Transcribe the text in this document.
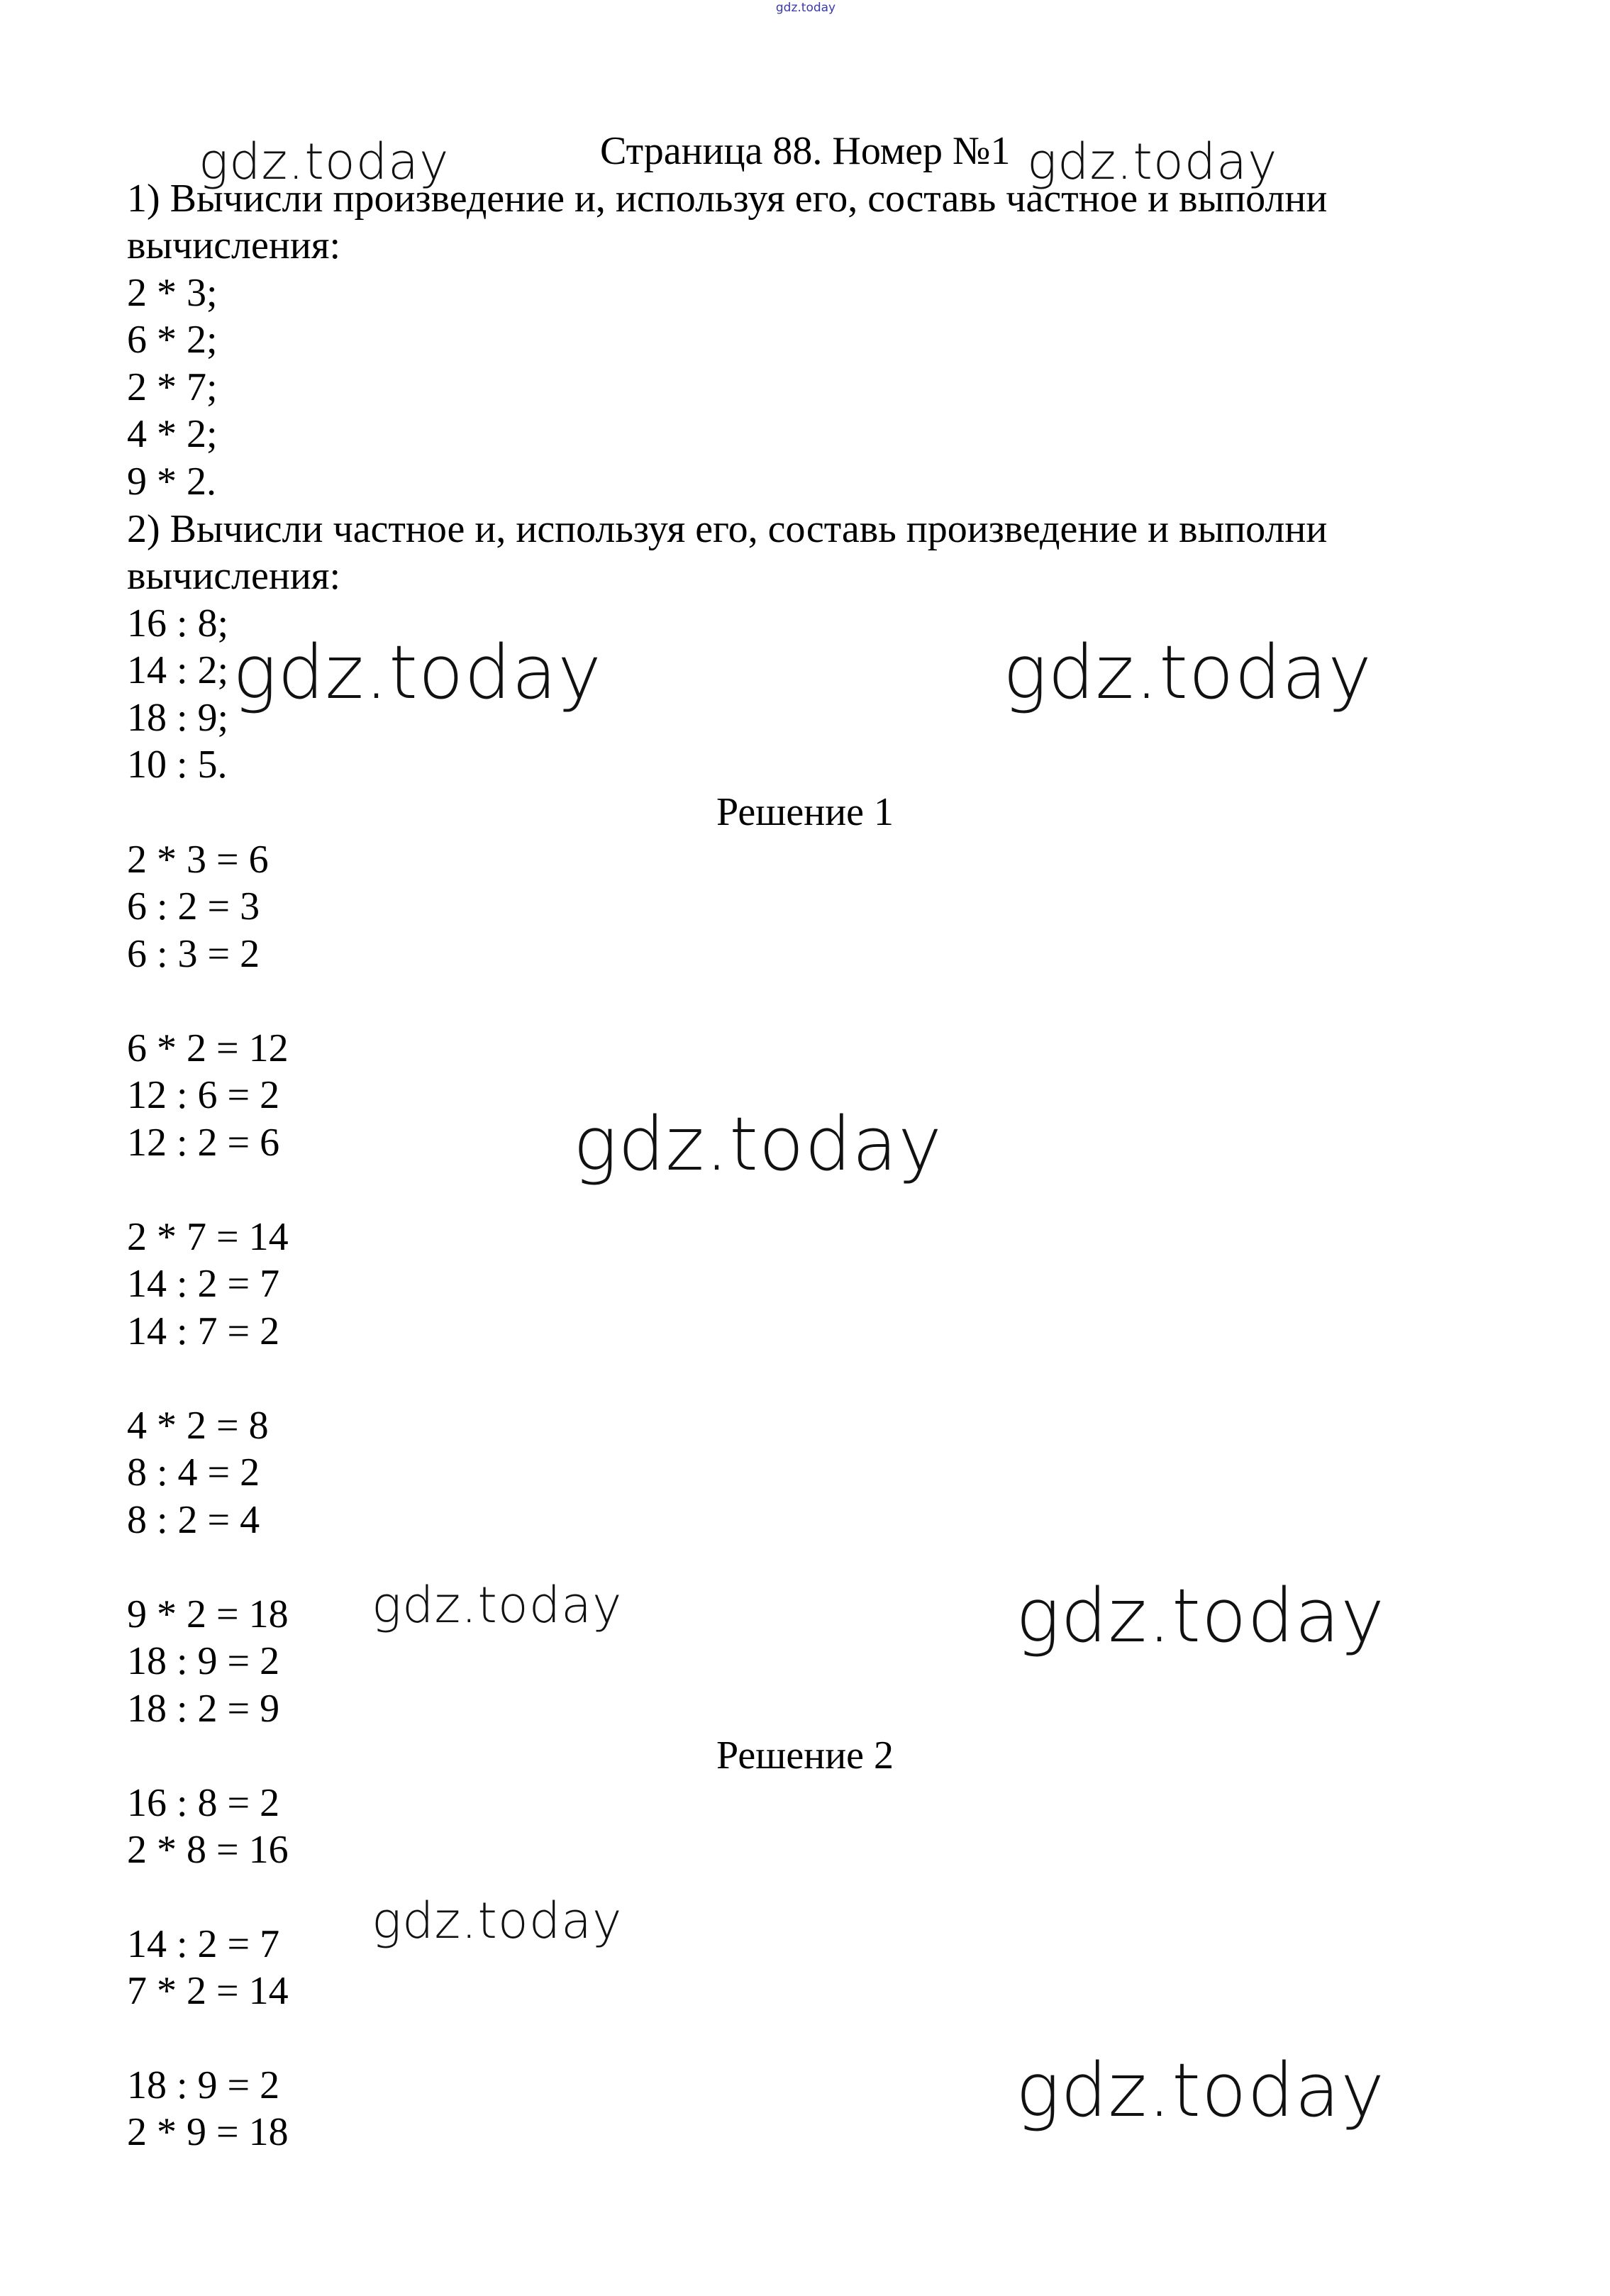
gdz.today
Страница 88. Номер №1
1) Вычисли произведение и, используя его, составь частное и выполни
вычисления:
2 * 3;
6 * 2;
2 * 7;
4 * 2;
9 * 2.
2) Вычисли частное и, используя его, составь произведение и выполни
вычисления:
16 : 8;
14 : 2;
18 : 9;
10 : 5.
Решение 1
2 * 3 = 6
6 : 2 = 3
6 : 3 = 2
6 * 2 = 12
12 : 6 = 2
12 : 2 = 6
2 * 7 = 14
14 : 2 = 7
14 : 7 = 2
4 * 2 = 8
8 : 4 = 2
8 : 2 = 4
9 * 2 = 18
18 : 9 = 2
18 : 2 = 9
Решение 2
16 : 8 = 2
2 * 8 = 16
14 : 2 = 7
7 * 2 = 14
18 : 9 = 2
2 * 9 = 18
gdz.today	gdz.today
gdz.today	gdz.today
gdz.today
gdz.today	gdz.today
gdz.today
gdz.today
